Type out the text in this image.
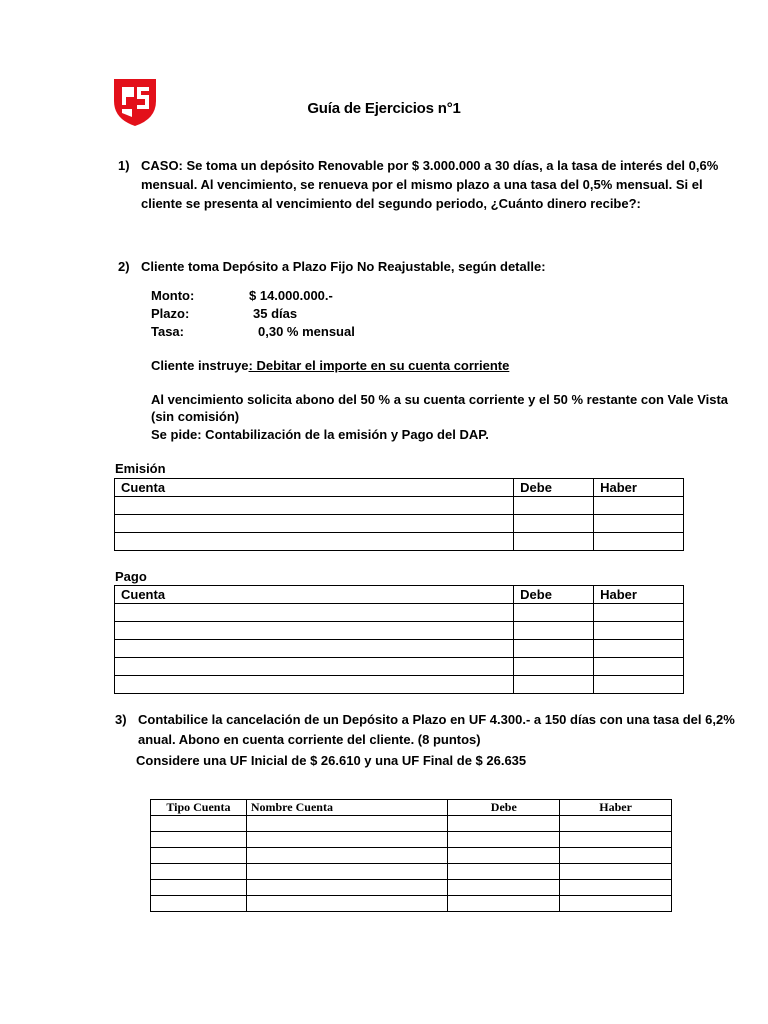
Guía de Ejercicios n°1
1) CASO: Se toma un depósito Renovable por $ 3.000.000 a 30 días, a la tasa de interés del 0,6%
mensual. Al vencimiento, se renueva por el mismo plazo a una tasa del 0,5% mensual. Si el
cliente se presenta al vencimiento del segundo periodo, ¿Cuánto dinero recibe?:
2) Cliente toma Depósito a Plazo Fijo No Reajustable, según detalle:
Monto:	$ 14.000.000.-
Plazo:	35 días
Tasa:	0,30 % mensual
Cliente instruye: Debitar el importe en su cuenta corriente
Al vencimiento solicita abono del 50 % a su cuenta corriente y el 50 % restante con Vale Vista
(sin comisión)
Se pide: Contabilización de la emisión y Pago del DAP.
Emisión
Cuenta	Debe	Haber

Pago
Cuenta	Debe	Haber

3) Contabilice la cancelación de un Depósito a Plazo en UF 4.300.- a 150 días con una tasa del 6,2%
anual. Abono en cuenta corriente del cliente. (8 puntos)
Considere una UF Inicial de $ 26.610 y una UF Final de $ 26.635
Tipo Cuenta	Nombre Cuenta	Debe	Haber
